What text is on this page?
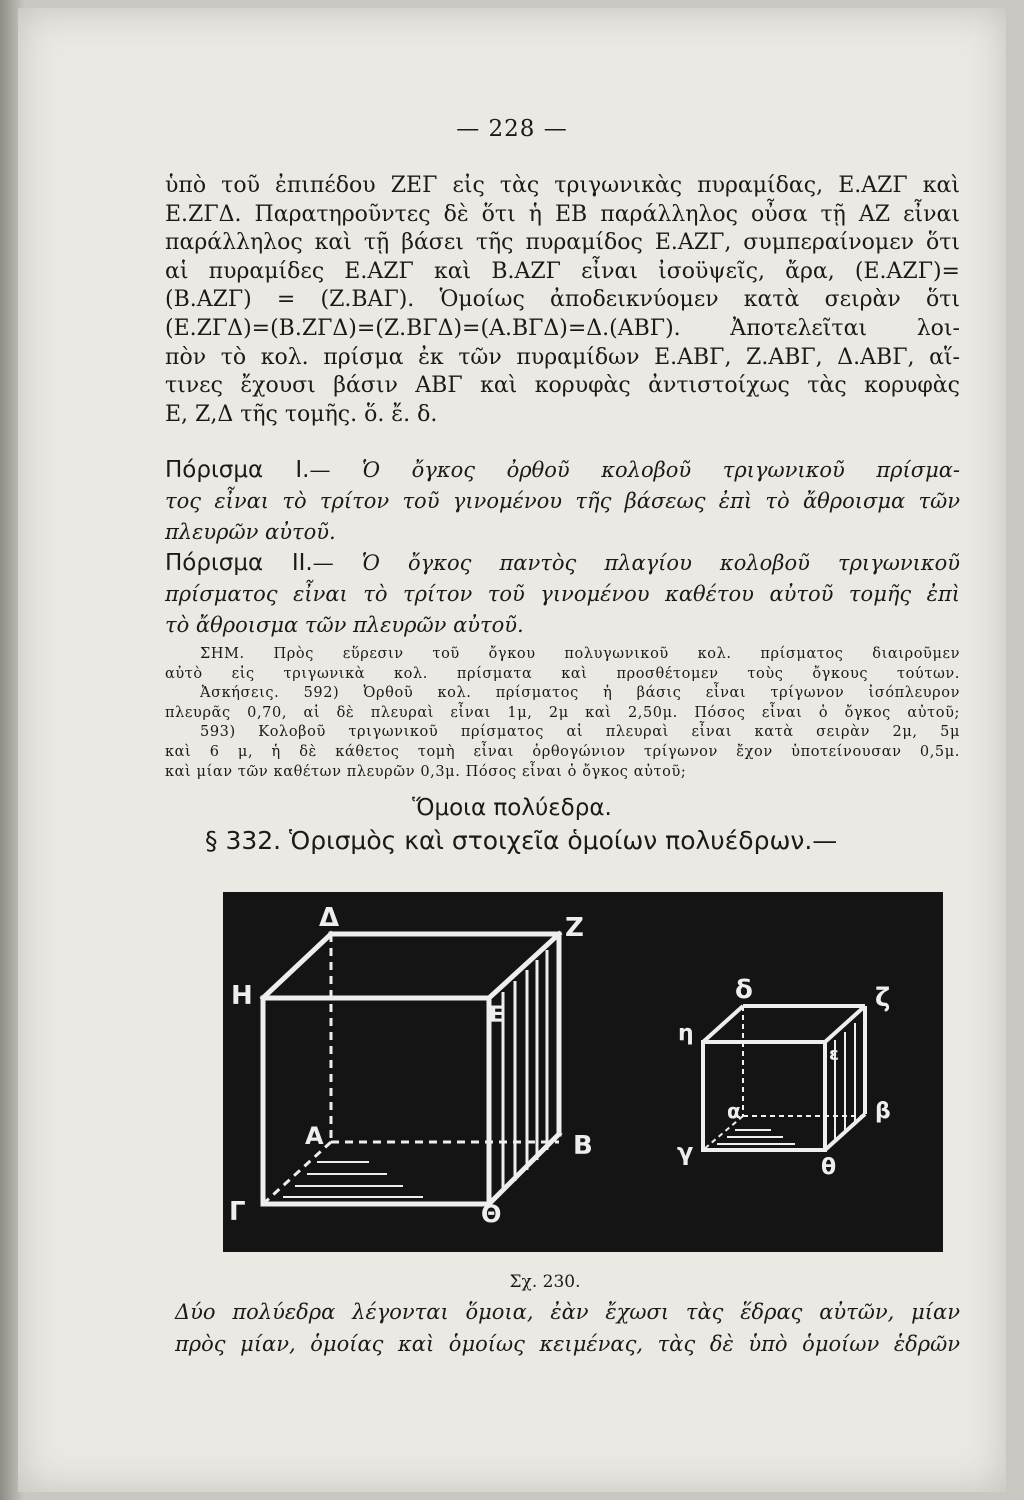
— 228 —
ὑπὸ τοῦ ἐπιπέδου ΖΕΓ εἰς τὰς τριγωνικὰς πυραμίδας, Ε.ΑΖΓ καὶ
Ε.ΖΓΔ. Παρατηροῦντες δὲ ὅτι ἡ ΕΒ παράλληλος οὖσα τῇ ΑΖ εἶναι
παράλληλος καὶ τῇ βάσει τῆς πυραμίδος Ε.ΑΖΓ, συμπεραίνομεν ὅτι
αἱ πυραμίδες Ε.ΑΖΓ καὶ Β.ΑΖΓ εἶναι ἰσοϋψεῖς, ἄρα, (Ε.ΑΖΓ)=
(Β.ΑΖΓ) = (Ζ.ΒΑΓ). Ὁμοίως ἀποδεικνύομεν κατὰ σειρὰν ὅτι
(Ε.ΖΓΔ)=(Β.ΖΓΔ)=(Ζ.ΒΓΔ)=(Α.ΒΓΔ)=Δ.(ΑΒΓ). Ἀποτελεῖται λοι-
πὸν τὸ κολ. πρίσμα ἐκ τῶν πυραμίδων Ε.ΑΒΓ, Ζ.ΑΒΓ, Δ.ΑΒΓ, αἵ-
τινες ἔχουσι βάσιν ΑΒΓ καὶ κορυφὰς ἀντιστοίχως τὰς κορυφὰς
Ε, Ζ,Δ τῆς τομῆς. ὅ. ἔ. δ.
Πόρισμα I.— Ὁ ὄγκος ὀρθοῦ κολοβοῦ τριγωνικοῦ πρίσμα-
τος εἶναι τὸ τρίτον τοῦ γινομένου τῆς βάσεως ἐπὶ τὸ ἄθροισμα τῶν
πλευρῶν αὐτοῦ.
Πόρισμα II.— Ὁ ὄγκος παντὸς πλαγίου κολοβοῦ τριγωνικοῦ
πρίσματος εἶναι τὸ τρίτον τοῦ γινομένου καθέτου αὐτοῦ τομῆς ἐπὶ
τὸ ἄθροισμα τῶν πλευρῶν αὐτοῦ.
ΣΗΜ. Πρὸς εὕρεσιν τοῦ ὄγκου πολυγωνικοῦ κολ. πρίσματος διαιροῦμεν
αὐτὸ εἰς τριγωνικὰ κολ. πρίσματα καὶ προσθέτομεν τοὺς ὄγκους τούτων.
Ἀσκήσεις. 592) Ὀρθοῦ κολ. πρίσματος ἡ βάσις εἶναι τρίγωνον ἰσόπλευρον
πλευρᾶς 0,70, αἱ δὲ πλευραὶ εἶναι 1μ, 2μ καὶ 2,50μ. Πόσος εἶναι ὁ ὄγκος αὐτοῦ;
593) Κολοβοῦ τριγωνικοῦ πρίσματος αἱ πλευραὶ εἶναι κατὰ σειρὰν 2μ, 5μ
καὶ 6 μ, ἡ δὲ κάθετος τομὴ εἶναι ὀρθογώνιον τρίγωνον ἔχον ὑποτείνουσαν 0,5μ.
καὶ μίαν τῶν καθέτων πλευρῶν 0,3μ. Πόσος εἶναι ὁ ὄγκος αὐτοῦ;
Ὅμοια πολύεδρα.
§ 332. Ὁρισμὸς καὶ στοιχεῖα ὁμοίων πολυέδρων.—
Δ	Ζ
Η
Ε
Α	Β
Γ	Θ
δ	ζ
η
ε
α	β
γ
θ
Σχ. 230.
Δύο πολύεδρα λέγονται ὅμοια, ἐὰν ἔχωσι τὰς ἕδρας αὐτῶν, μίαν
πρὸς μίαν, ὁμοίας καὶ ὁμοίως κειμένας, τὰς δὲ ὑπὸ ὁμοίων ἑδρῶν
